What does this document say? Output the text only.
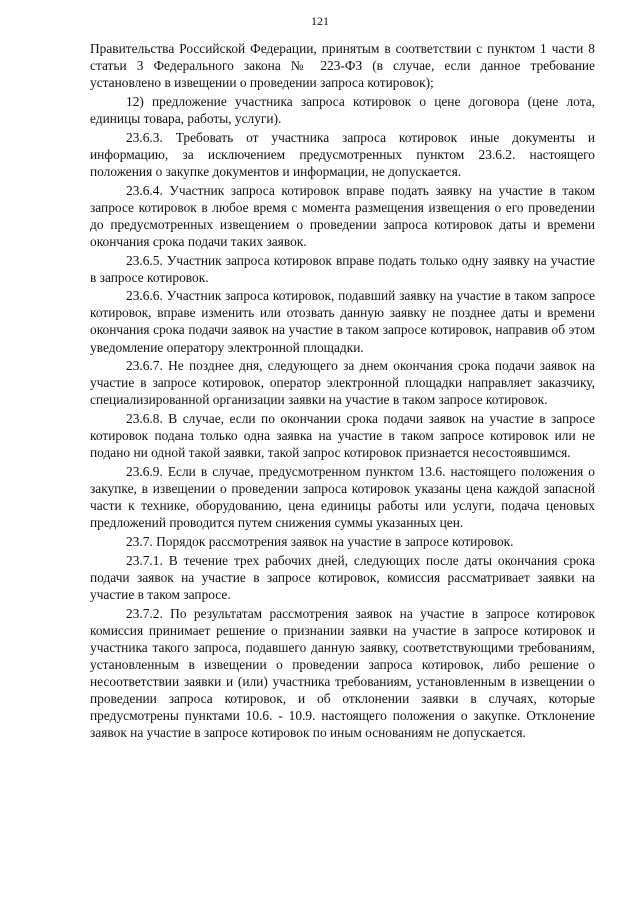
121

Правительства Российской Федерации, принятым в соответствии с пунктом 1 части 8 статьи 3 Федерального закона № 223-ФЗ (в случае, если данное требование установлено в извещении о проведении запроса котировок);

12) предложение участника запроса котировок о цене договора (цене лота, единицы товара, работы, услуги).

23.6.3. Требовать от участника запроса котировок иные документы и информацию, за исключением предусмотренных пунктом 23.6.2. настоящего положения о закупке документов и информации, не допускается.

23.6.4. Участник запроса котировок вправе подать заявку на участие в таком запросе котировок в любое время с момента размещения извещения о его проведении до предусмотренных извещением о проведении запроса котировок даты и времени окончания срока подачи таких заявок.

23.6.5. Участник запроса котировок вправе подать только одну заявку на участие в запросе котировок.

23.6.6. Участник запроса котировок, подавший заявку на участие в таком запросе котировок, вправе изменить или отозвать данную заявку не позднее даты и времени окончания срока подачи заявок на участие в таком запросе котировок, направив об этом уведомление оператору электронной площадки.

23.6.7. Не позднее дня, следующего за днем окончания срока подачи заявок на участие в запросе котировок, оператор электронной площадки направляет заказчику, специализированной организации заявки на участие в таком запросе котировок.

23.6.8. В случае, если по окончании срока подачи заявок на участие в запросе котировок подана только одна заявка на участие в таком запросе котировок или не подано ни одной такой заявки, такой запрос котировок признается несостоявшимся.

23.6.9. Если в случае, предусмотренном пунктом 13.6. настоящего положения о закупке, в извещении о проведении запроса котировок указаны цена каждой запасной части к технике, оборудованию, цена единицы работы или услуги, подача ценовых предложений проводится путем снижения суммы указанных цен.

23.7. Порядок рассмотрения заявок на участие в запросе котировок.

23.7.1. В течение трех рабочих дней, следующих после даты окончания срока подачи заявок на участие в запросе котировок, комиссия рассматривает заявки на участие в таком запросе.

23.7.2. По результатам рассмотрения заявок на участие в запросе котировок комиссия принимает решение о признании заявки на участие в запросе котировок и участника такого запроса, подавшего данную заявку, соответствующими требованиям, установленным в извещении о проведении запроса котировок, либо решение о несоответствии заявки и (или) участника требованиям, установленным в извещении о проведении запроса котировок, и об отклонении заявки в случаях, которые предусмотрены пунктами 10.6. - 10.9. настоящего положения о закупке. Отклонение заявок на участие в запросе котировок по иным основаниям не допускается.
